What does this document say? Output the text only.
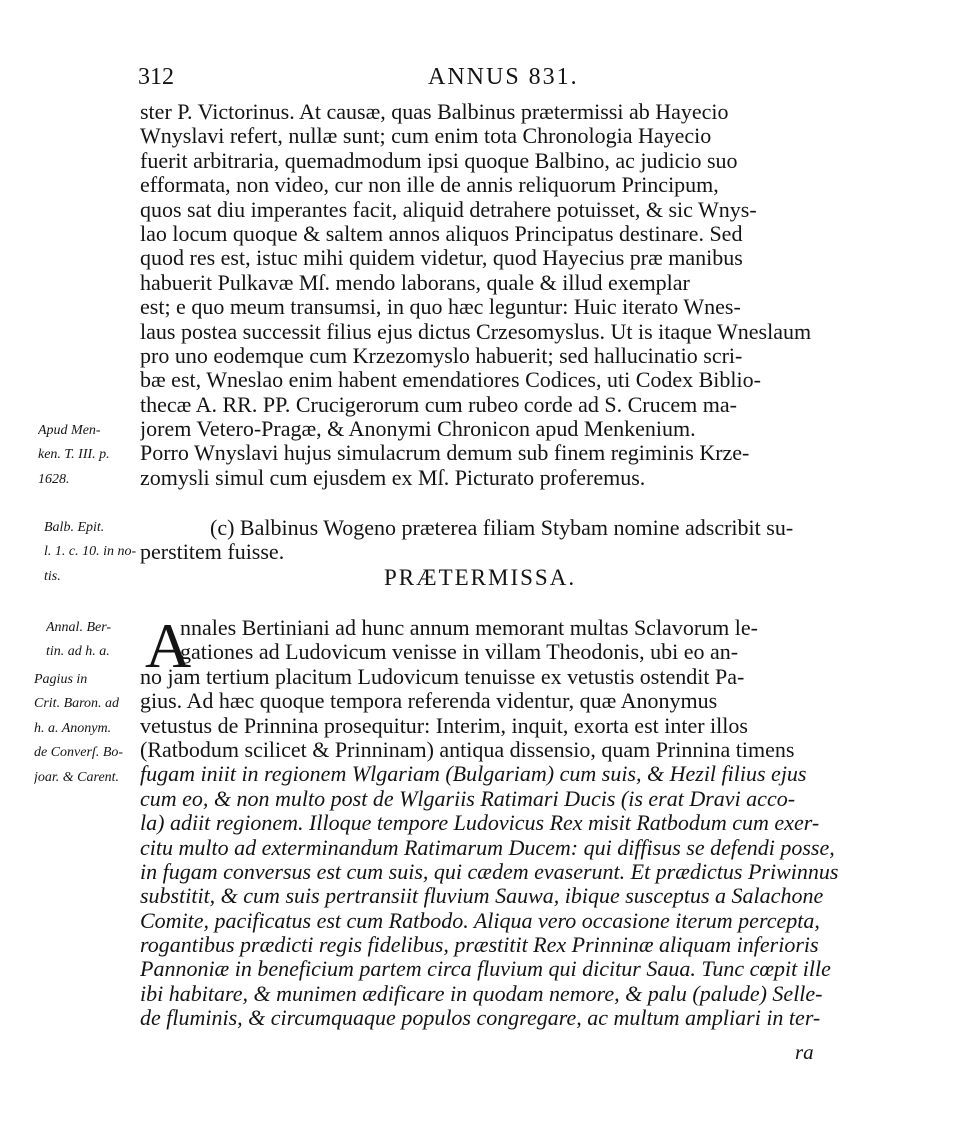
312	ANNUS 831.
ster P. Victorinus. At causæ, quas Balbinus prætermissi ab Hayecio
Wnyslavi refert, nullæ sunt; cum enim tota Chronologia Hayecio
fuerit arbitraria, quemadmodum ipsi quoque Balbino, ac judicio suo
efformata, non video, cur non ille de annis reliquorum Principum,
quos sat diu imperantes facit, aliquid detrahere potuisset, & sic Wnys-
lao locum quoque & saltem annos aliquos Principatus destinare. Sed
quod res est, istuc mihi quidem videtur, quod Hayecius præ manibus
habuerit Pulkavæ Mſ. mendo laborans, quale & illud exemplar
est; e quo meum transumsi, in quo hæc leguntur: Huic iterato Wnes-
laus postea successit filius ejus dictus Crzesomyslus. Ut is itaque Wneslaum
pro uno eodemque cum Krzezomyslo habuerit; sed hallucinatio scri-
bæ est, Wneslao enim habent emendatiores Codices, uti Codex Biblio-
thecæ A. RR. PP. Crucigerorum cum rubeo corde ad S. Crucem ma-
jorem Vetero-Pragæ, & Anonymi Chronicon apud Menkenium.
Porro Wnyslavi hujus simulacrum demum sub finem regiminis Krze-
zomysli simul cum ejusdem ex Mſ. Picturato proferemus.
Apud Men-
ken. T. III. p.
1628.
(c) Balbinus Wogeno præterea filiam Stybam nomine adscribit su-
perstitem fuisse.
Balb. Epit.
l. 1. c. 10. in no-
tis.	PRÆTERMISSA.
A
nnales Bertiniani ad hunc annum memorant multas Sclavorum le-
gationes ad Ludovicum venisse in villam Theodonis, ubi eo an-
no jam tertium placitum Ludovicum tenuisse ex vetustis ostendit Pa-
gius. Ad hæc quoque tempora referenda videntur, quæ Anonymus
vetustus de Prinnina prosequitur: Interim, inquit, exorta est inter illos
(Ratbodum scilicet & Prinninam) antiqua dissensio, quam Prinnina timens
fugam iniit in regionem Wlgariam (Bulgariam) cum suis, & Hezil filius ejus
cum eo, & non multo post de Wlgariis Ratimari Ducis (is erat Dravi acco-
la) adiit regionem. Illoque tempore Ludovicus Rex misit Ratbodum cum exer-
citu multo ad exterminandum Ratimarum Ducem: qui diffisus se defendi posse,
in fugam conversus est cum suis, qui cædem evaserunt. Et prædictus Priwinnus
substitit, & cum suis pertransiit fluvium Sauwa, ibique susceptus a Salachone
Comite, pacificatus est cum Ratbodo. Aliqua vero occasione iterum percepta,
rogantibus prædicti regis fidelibus, præstitit Rex Prinninæ aliquam inferioris
Pannoniæ in beneficium partem circa fluvium qui dicitur Saua. Tunc cœpit ille
ibi habitare, & munimen ædificare in quodam nemore, & palu (palude) Selle-
de fluminis, & circumquaque populos congregare, ac multum ampliari in ter-
Annal. Ber-
tin. ad h. a.
Pagius in
Crit. Baron. ad
h. a. Anonym.
de Converſ. Bo-
joar. & Carent.
ra
